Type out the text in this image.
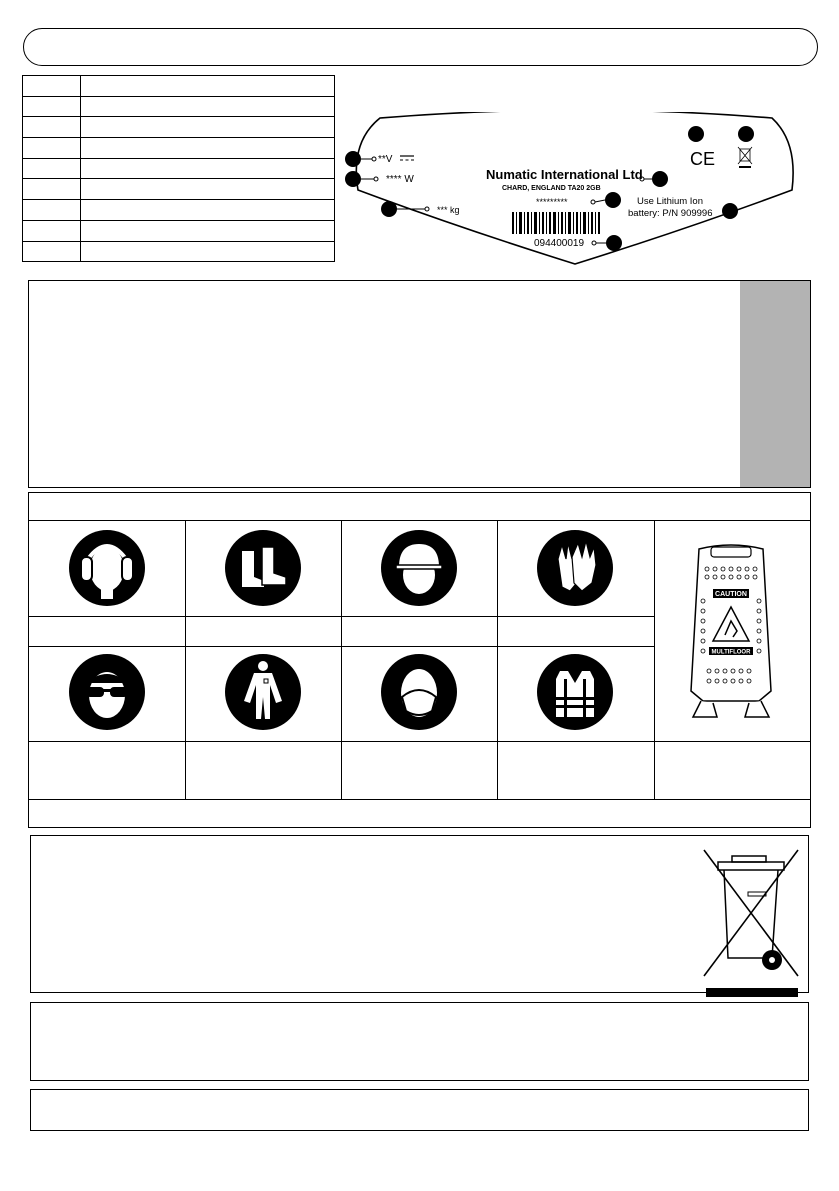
**V
**** W
*** kg
Numatic International Ltd
CHARD, ENGLAND TA20 2GB
*********
094400019
Use Lithium Ion
battery: P/N 909996
CE
CAUTION
MULTIFLOOR
